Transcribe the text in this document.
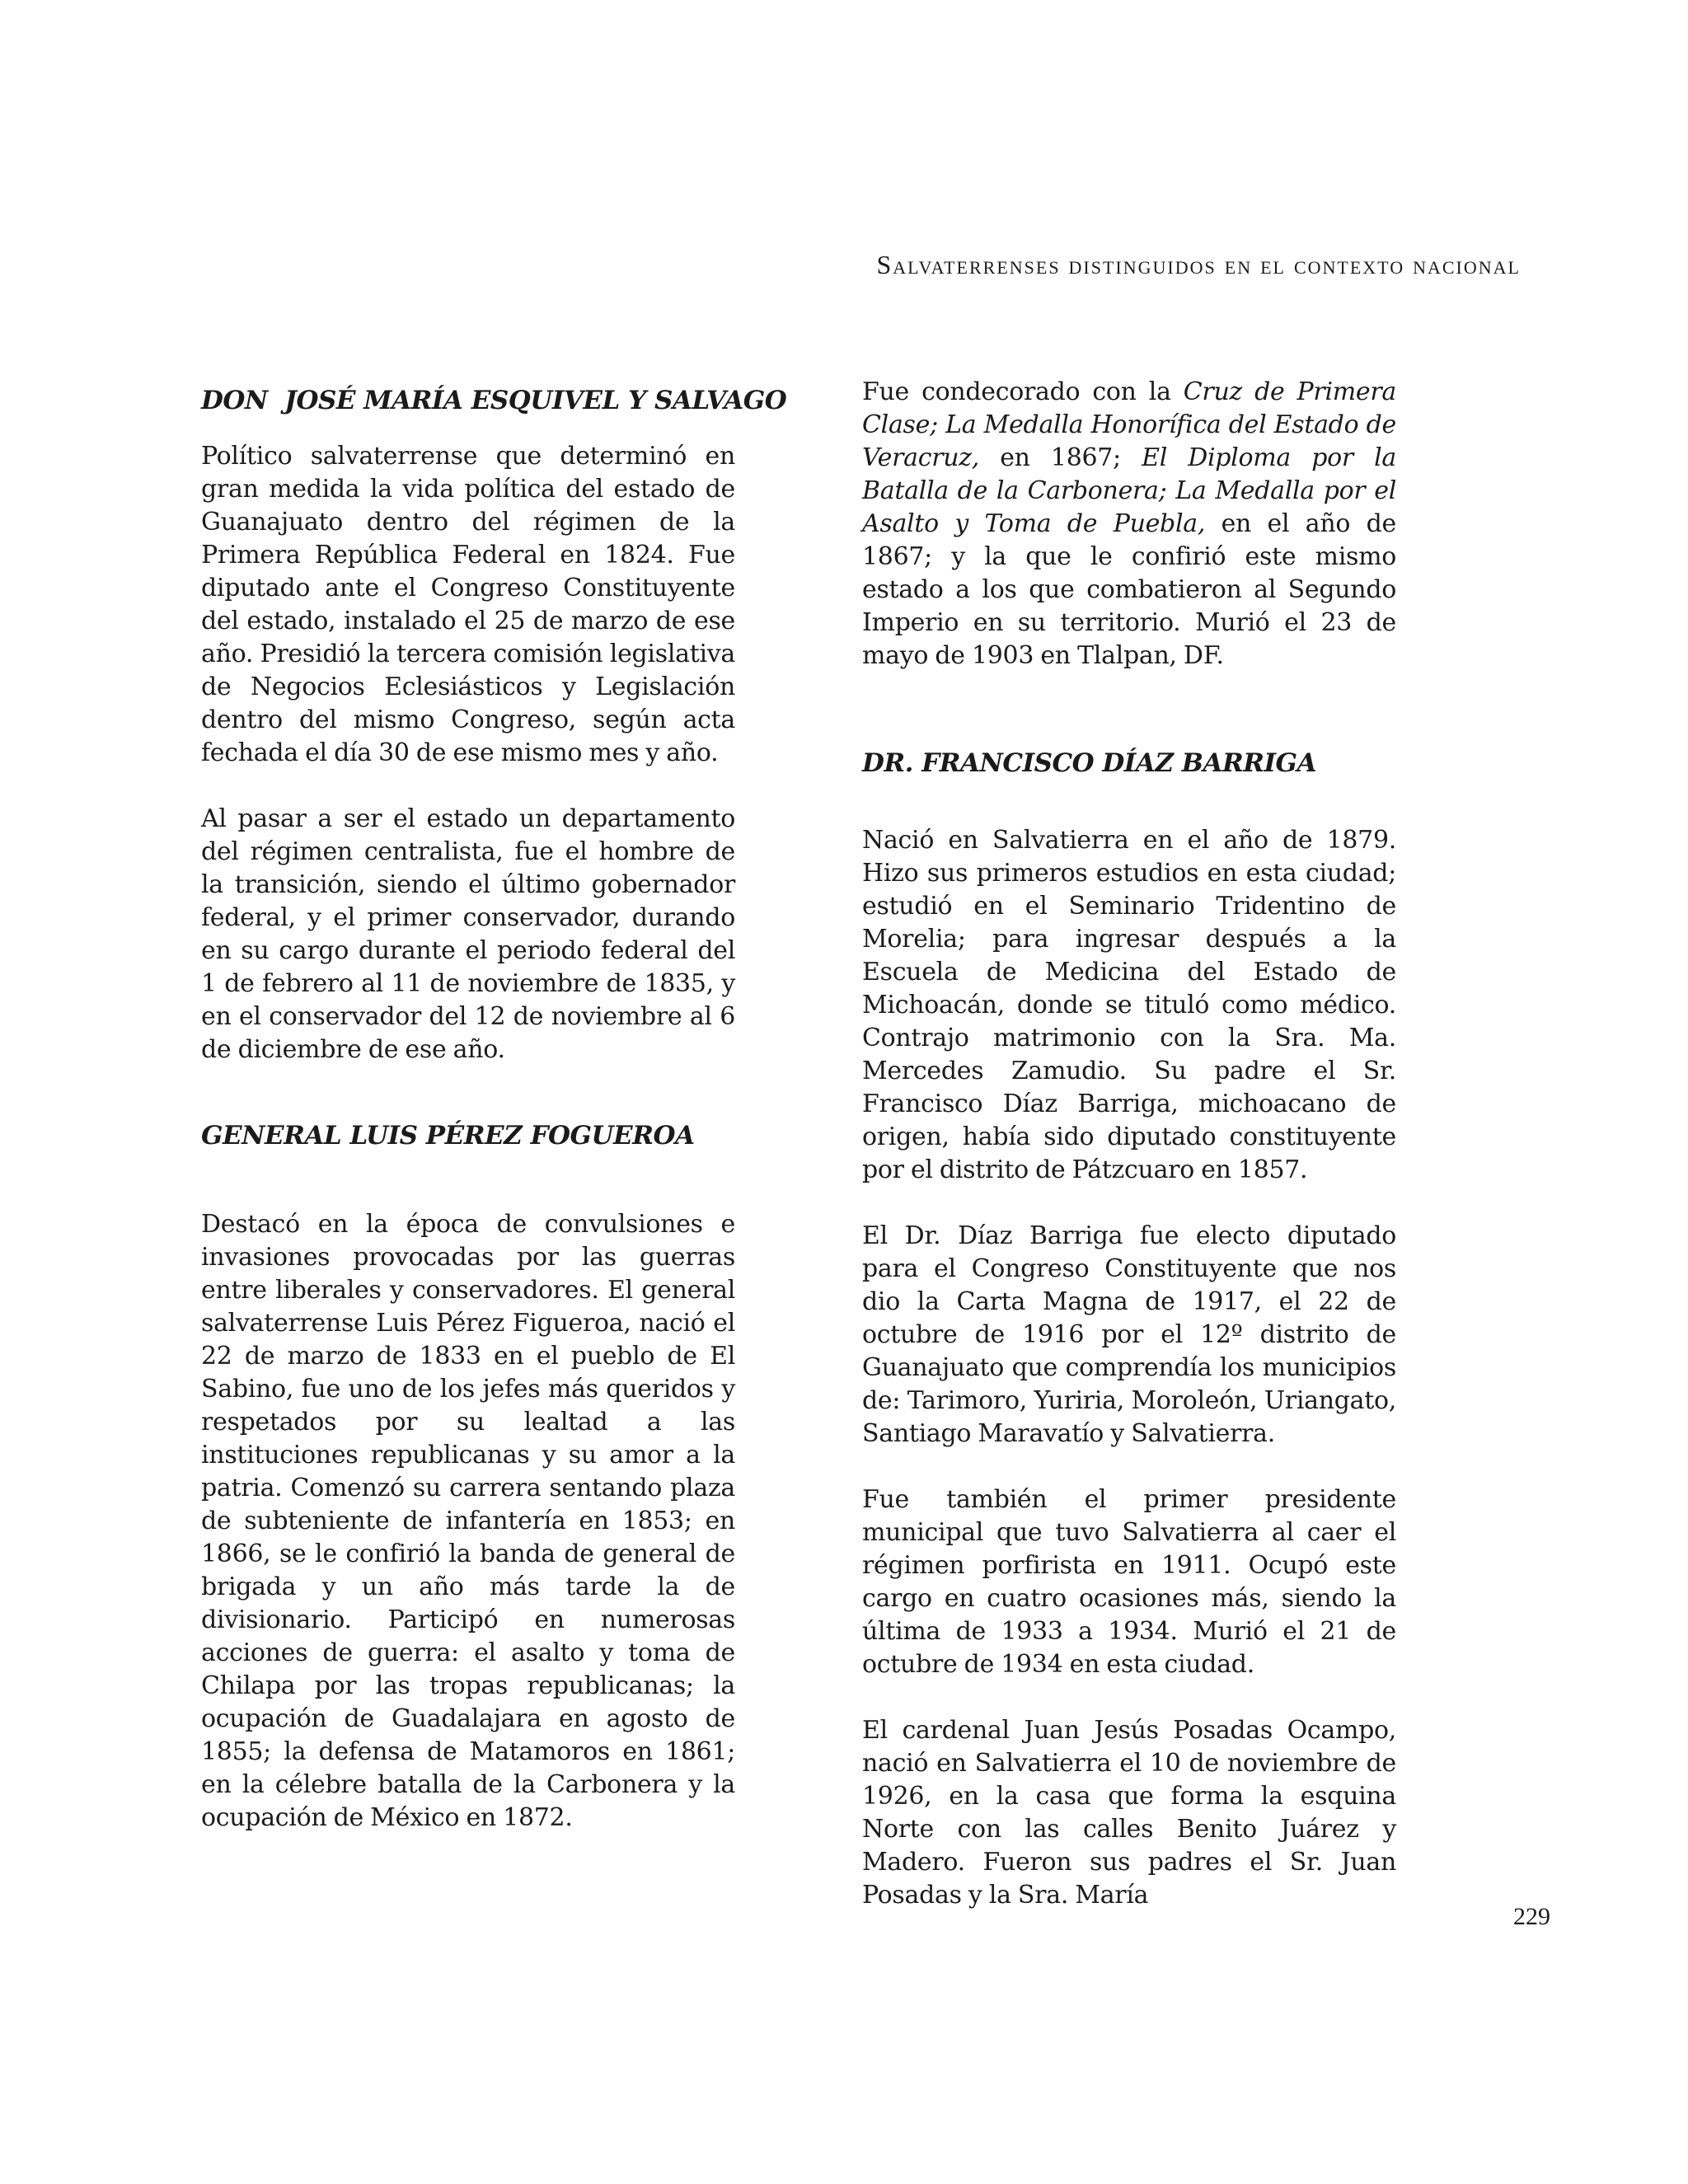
Salvaterrenses distinguidos en el contexto nacional
DON  JOSÉ MARÍA ESQUIVEL Y SALVAGO

Político salvaterrense que determinó en gran medida la vida política del estado de Guanajuato dentro del régimen de la Primera República Federal en 1824. Fue diputado ante el Congreso Constituyente del estado, instalado el 25 de marzo de ese año. Presidió la tercera comisión legislativa de Negocios Eclesiásticos y Legislación dentro del mismo Congreso, según acta fechada el día 30 de ese mismo mes y año.

Al pasar a ser el estado un departamento del régimen centralista, fue el hombre de la transición, siendo el último gobernador federal, y el primer conservador, durando en su cargo durante el periodo federal del 1 de febrero al 11 de noviembre de 1835, y en el conservador del 12 de noviembre al 6 de diciembre de ese año.

GENERAL LUIS PÉREZ FOGUEROA

Destacó en la época de convulsiones e invasiones provocadas por las guerras entre liberales y conservadores. El general salvaterrense Luis Pérez Figueroa, nació el 22 de marzo de 1833 en el pueblo de El Sabino, fue uno de los jefes más queridos y respetados por su lealtad a las instituciones republicanas y su amor a la patria. Comenzó su carrera sentando plaza de subteniente de infantería en 1853; en 1866, se le confirió la banda de general de brigada y un año más tarde la de divisionario. Participó en numerosas acciones de guerra: el asalto y toma de Chilapa por las tropas republicanas; la ocupación de Guadalajara en agosto de 1855; la defensa de Matamoros en 1861; en la célebre batalla de la Carbonera y la ocupación de México en 1872.

Fue condecorado con la Cruz de Primera Clase; La Medalla Honorífica del Estado de Veracruz, en 1867; El Diploma por la Batalla de la Carbonera; La Medalla por el Asalto y Toma de Puebla, en el año de 1867; y la que le confirió este mismo estado a los que combatieron al Segundo Imperio en su territorio. Murió el 23 de mayo de 1903 en Tlalpan, DF.

DR. FRANCISCO DÍAZ BARRIGA

Nació en Salvatierra en el año de 1879. Hizo sus primeros estudios en esta ciudad; estudió en el Seminario Tridentino de Morelia; para ingresar después a la Escuela de Medicina del Estado de Michoacán, donde se tituló como médico. Contrajo matrimonio con la Sra. Ma. Mercedes Zamudio. Su padre el Sr. Francisco Díaz Barriga, michoacano de origen, había sido diputado constituyente por el distrito de Pátzcuaro en 1857.

El Dr. Díaz Barriga fue electo diputado para el Congreso Constituyente que nos dio la Carta Magna de 1917, el 22 de octubre de 1916 por el 12º distrito de Guanajuato que comprendía los municipios de: Tarimoro, Yuriria, Moroleón, Uriangato, Santiago Maravatío y Salvatierra.

Fue también el primer presidente municipal que tuvo Salvatierra al caer el régimen porfirista en 1911. Ocupó este cargo en cuatro ocasiones más, siendo la última de 1933 a 1934. Murió el 21 de octubre de 1934 en esta ciudad.

El cardenal Juan Jesús Posadas Ocampo, nació en Salvatierra el 10 de noviembre de 1926, en la casa que forma la esquina Norte con las calles Benito Juárez y Madero. Fueron sus padres el Sr. Juan Posadas y la Sra. María

229
